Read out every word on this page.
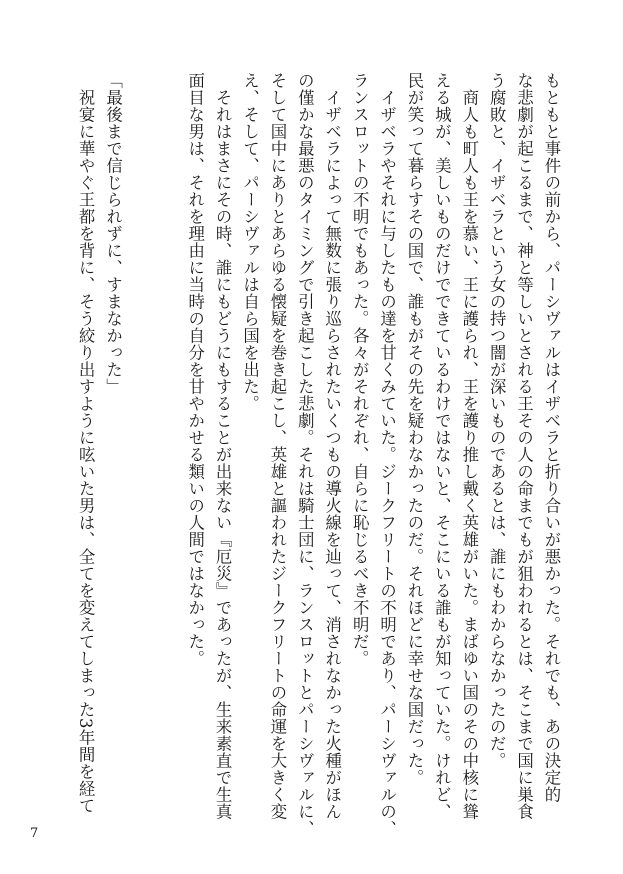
もともと事件の前から、パーシヴァルはイザベラと折り合いが悪かった。それでも、あの決定的
な悲劇が起こるまで、神と等しいとされる王その人の命までもが狙われるとは、そこまで国に巣食
う腐敗と、イザベラという女の持つ闇が深いものであるとは、誰にもわからなかったのだ。
　商人も町人も王を慕い、王に護られ、王を護り推し戴く英雄がいた。まばゆい国のその中核に聳
える城が、美しいものだけでできているわけではないと、そこにいる誰もが知っていた。けれど、
民が笑って暮らすその国で、誰もがその先を疑わなかったのだ。それほどに幸せな国だった。
　イザベラやそれに与したもの達を甘くみていた。ジークフリートの不明であり、パーシヴァルの、
ランスロットの不明でもあった。各々がそれぞれ、自らに恥じるべき不明だ。
　イザベラによって無数に張り巡らされたいくつもの導火線を辿って、消されなかった火種がほん
の僅かな最悪のタイミングで引き起こした悲劇。それは騎士団に、ランスロットとパーシヴァルに、
そして国中にありとあらゆる懐疑を巻き起こし、英雄と謳われたジークフリートの命運を大きく変
え、そして、パーシヴァルは自ら国を出た。
　それはまさにその時、誰にもどうにもすることが出来ない『厄災』であったが、生来素直で生真
面目な男は、それを理由に当時の自分を甘やかせる類いの人間ではなかった。
「最後まで信じられずに、すまなかった」
　祝宴に華やぐ王都を背に、そう絞り出すように呟いた男は、全てを変えてしまった3年間を経て
7
